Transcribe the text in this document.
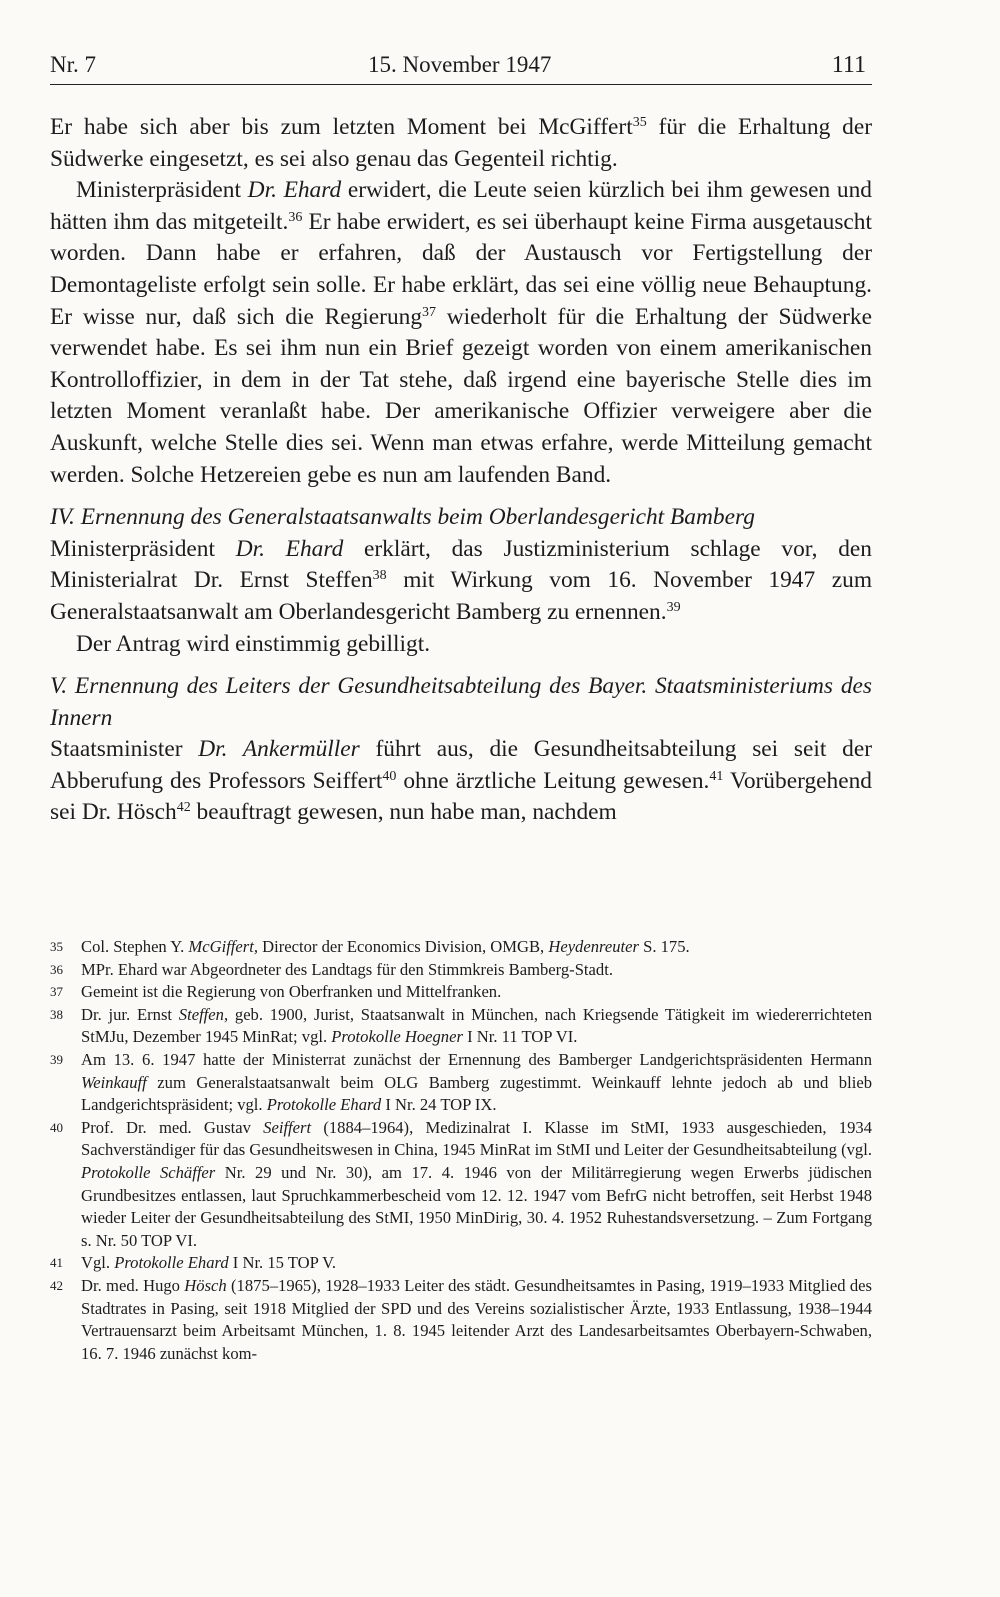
Nr. 7	15. November 1947	111

Er habe sich aber bis zum letzten Moment bei McGiffert$^{35}$ für die Erhaltung der Südwerke eingesetzt, es sei also genau das Gegenteil richtig.

Ministerpräsident Dr. Ehard erwidert, die Leute seien kürzlich bei ihm gewesen und hätten ihm das mitgeteilt.$^{36}$ Er habe erwidert, es sei überhaupt keine Firma ausgetauscht worden. Dann habe er erfahren, daß der Austausch vor Fertigstellung der Demontageliste erfolgt sein solle. Er habe erklärt, das sei eine völlig neue Behauptung. Er wisse nur, daß sich die Regierung$^{37}$ wiederholt für die Erhaltung der Südwerke verwendet habe. Es sei ihm nun ein Brief gezeigt worden von einem amerikanischen Kontrolloffizier, in dem in der Tat stehe, daß irgend eine bayerische Stelle dies im letzten Moment veranlaßt habe. Der amerikanische Offizier verweigere aber die Auskunft, welche Stelle dies sei. Wenn man etwas erfahre, werde Mitteilung gemacht werden. Solche Hetzereien gebe es nun am laufenden Band.

IV. Ernennung des Generalstaatsanwalts beim Oberlandesgericht Bamberg

Ministerpräsident Dr. Ehard erklärt, das Justizministerium schlage vor, den Ministerialrat Dr. Ernst Steffen$^{38}$ mit Wirkung vom 16. November 1947 zum Generalstaatsanwalt am Oberlandesgericht Bamberg zu ernennen.$^{39}$

Der Antrag wird einstimmig gebilligt.

V. Ernennung des Leiters der Gesundheitsabteilung des Bayer. Staatsministeriums des Innern

Staatsminister Dr. Ankermüller führt aus, die Gesundheitsabteilung sei seit der Abberufung des Professors Seiffert$^{40}$ ohne ärztliche Leitung gewesen.$^{41}$ Vorübergehend sei Dr. Hösch$^{42}$ beauftragt gewesen, nun habe man, nachdem

35 Col. Stephen Y. McGiffert, Director der Economics Division, OMGB, Heydenreuter S. 175.

36 MPr. Ehard war Abgeordneter des Landtags für den Stimmkreis Bamberg-Stadt.

37 Gemeint ist die Regierung von Oberfranken und Mittelfranken.

38 Dr. jur. Ernst Steffen, geb. 1900, Jurist, Staatsanwalt in München, nach Kriegsende Tätigkeit im wiedererrichteten StMJu, Dezember 1945 MinRat; vgl. Protokolle Hoegner I Nr. 11 TOP VI.

39 Am 13. 6. 1947 hatte der Ministerrat zunächst der Ernennung des Bamberger Landgerichtspräsidenten Hermann Weinkauff zum Generalstaatsanwalt beim OLG Bamberg zugestimmt. Weinkauff lehnte jedoch ab und blieb Landgerichtspräsident; vgl. Protokolle Ehard I Nr. 24 TOP IX.

40 Prof. Dr. med. Gustav Seiffert (1884–1964), Medizinalrat I. Klasse im StMI, 1933 ausgeschieden, 1934 Sachverständiger für das Gesundheitswesen in China, 1945 MinRat im StMI und Leiter der Gesundheitsabteilung (vgl. Protokolle Schäffer Nr. 29 und Nr. 30), am 17. 4. 1946 von der Militärregierung wegen Erwerbs jüdischen Grundbesitzes entlassen, laut Spruchkammerbescheid vom 12. 12. 1947 vom BefrG nicht betroffen, seit Herbst 1948 wieder Leiter der Gesundheitsabteilung des StMI, 1950 MinDirig, 30. 4. 1952 Ruhestandsversetzung. – Zum Fortgang s. Nr. 50 TOP VI.

41 Vgl. Protokolle Ehard I Nr. 15 TOP V.

42 Dr. med. Hugo Hösch (1875–1965), 1928–1933 Leiter des städt. Gesundheitsamtes in Pasing, 1919–1933 Mitglied des Stadtrates in Pasing, seit 1918 Mitglied der SPD und des Vereins sozialistischer Ärzte, 1933 Entlassung, 1938–1944 Vertrauensarzt beim Arbeitsamt München, 1. 8. 1945 leitender Arzt des Landesarbeitsamtes Oberbayern-Schwaben, 16. 7. 1946 zunächst kom-
